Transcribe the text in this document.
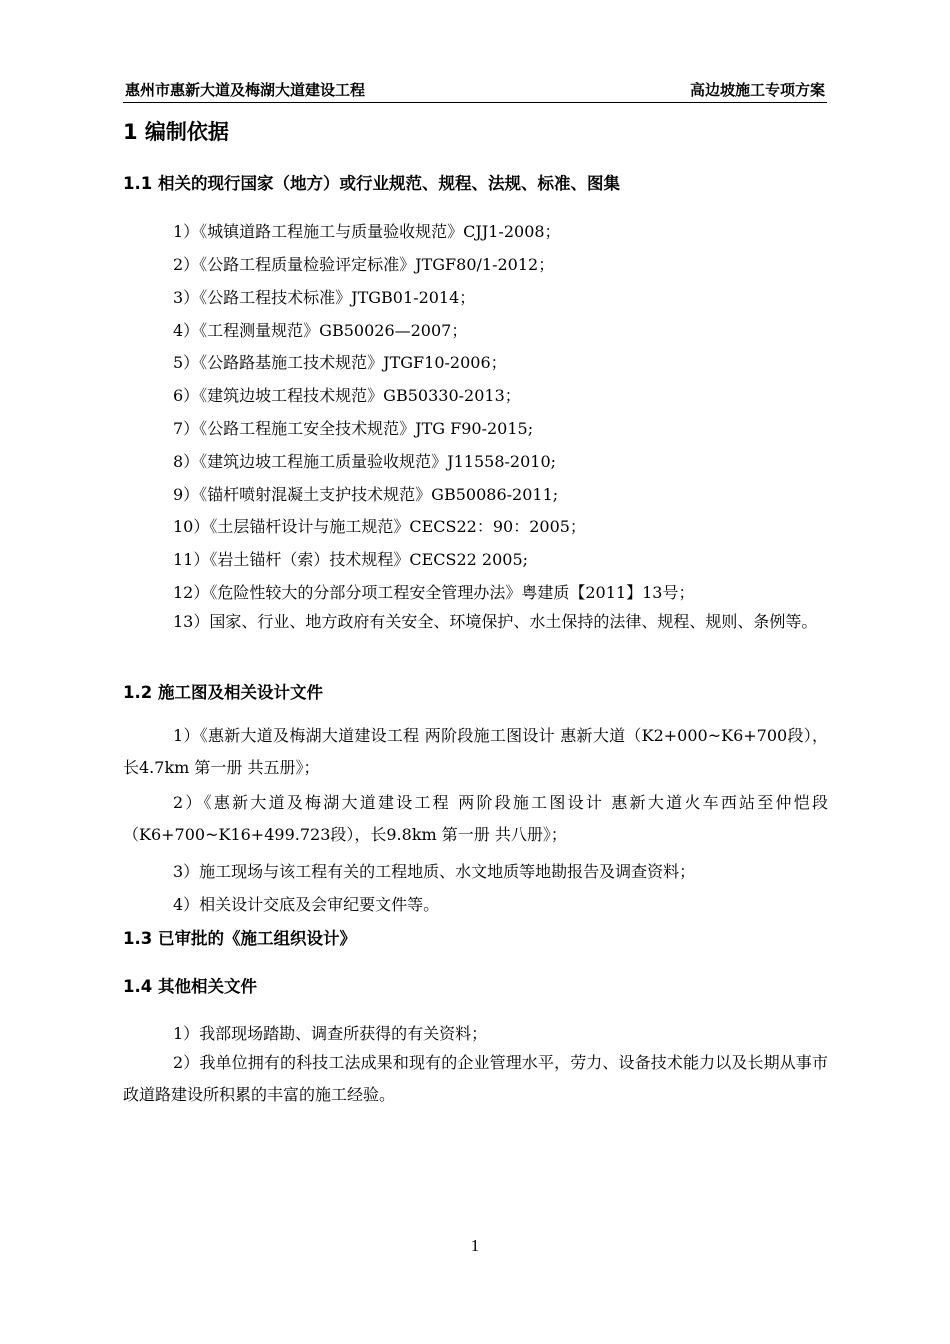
惠州市惠新大道及梅湖大道建设工程	高边坡施工专项方案
1 编制依据
1.1 相关的现行国家（地方）或行业规范、规程、法规、标准、图集
1）《城镇道路工程施工与质量验收规范》CJJ1-2008；
2）《公路工程质量检验评定标准》JTGF80/1-2012；
3）《公路工程技术标准》JTGB01-2014；
4）《工程测量规范》GB50026—2007；
5）《公路路基施工技术规范》JTGF10-2006；
6）《建筑边坡工程技术规范》GB50330-2013；
7）《公路工程施工安全技术规范》JTG F90-2015;
8）《建筑边坡工程施工质量验收规范》J11558-2010;
9）《锚杆喷射混凝土支护技术规范》GB50086-2011;
10）《土层锚杆设计与施工规范》CECS22：90：2005；
11）《岩土锚杆（索）技术规程》CECS22 2005;
12）《危险性较大的分部分项工程安全管理办法》粤建质【2011】13号；
13）国家、行业、地方政府有关安全、环境保护、水土保持的法律、规程、规则、条例等。
1.2 施工图及相关设计文件
1）《惠新大道及梅湖大道建设工程 两阶段施工图设计 惠新大道（K2+000~K6+700段），长4.7km 第一册 共五册》；
2）《惠新大道及梅湖大道建设工程 两阶段施工图设计 惠新大道火车西站至仲恺段（K6+700~K16+499.723段），长9.8km 第一册 共八册》；
3）施工现场与该工程有关的工程地质、水文地质等地勘报告及调查资料；
4）相关设计交底及会审纪要文件等。
1.3 已审批的《施工组织设计》
1.4 其他相关文件
1）我部现场踏勘、调查所获得的有关资料；
2）我单位拥有的科技工法成果和现有的企业管理水平，劳力、设备技术能力以及长期从事市政道路建设所积累的丰富的施工经验。
1
